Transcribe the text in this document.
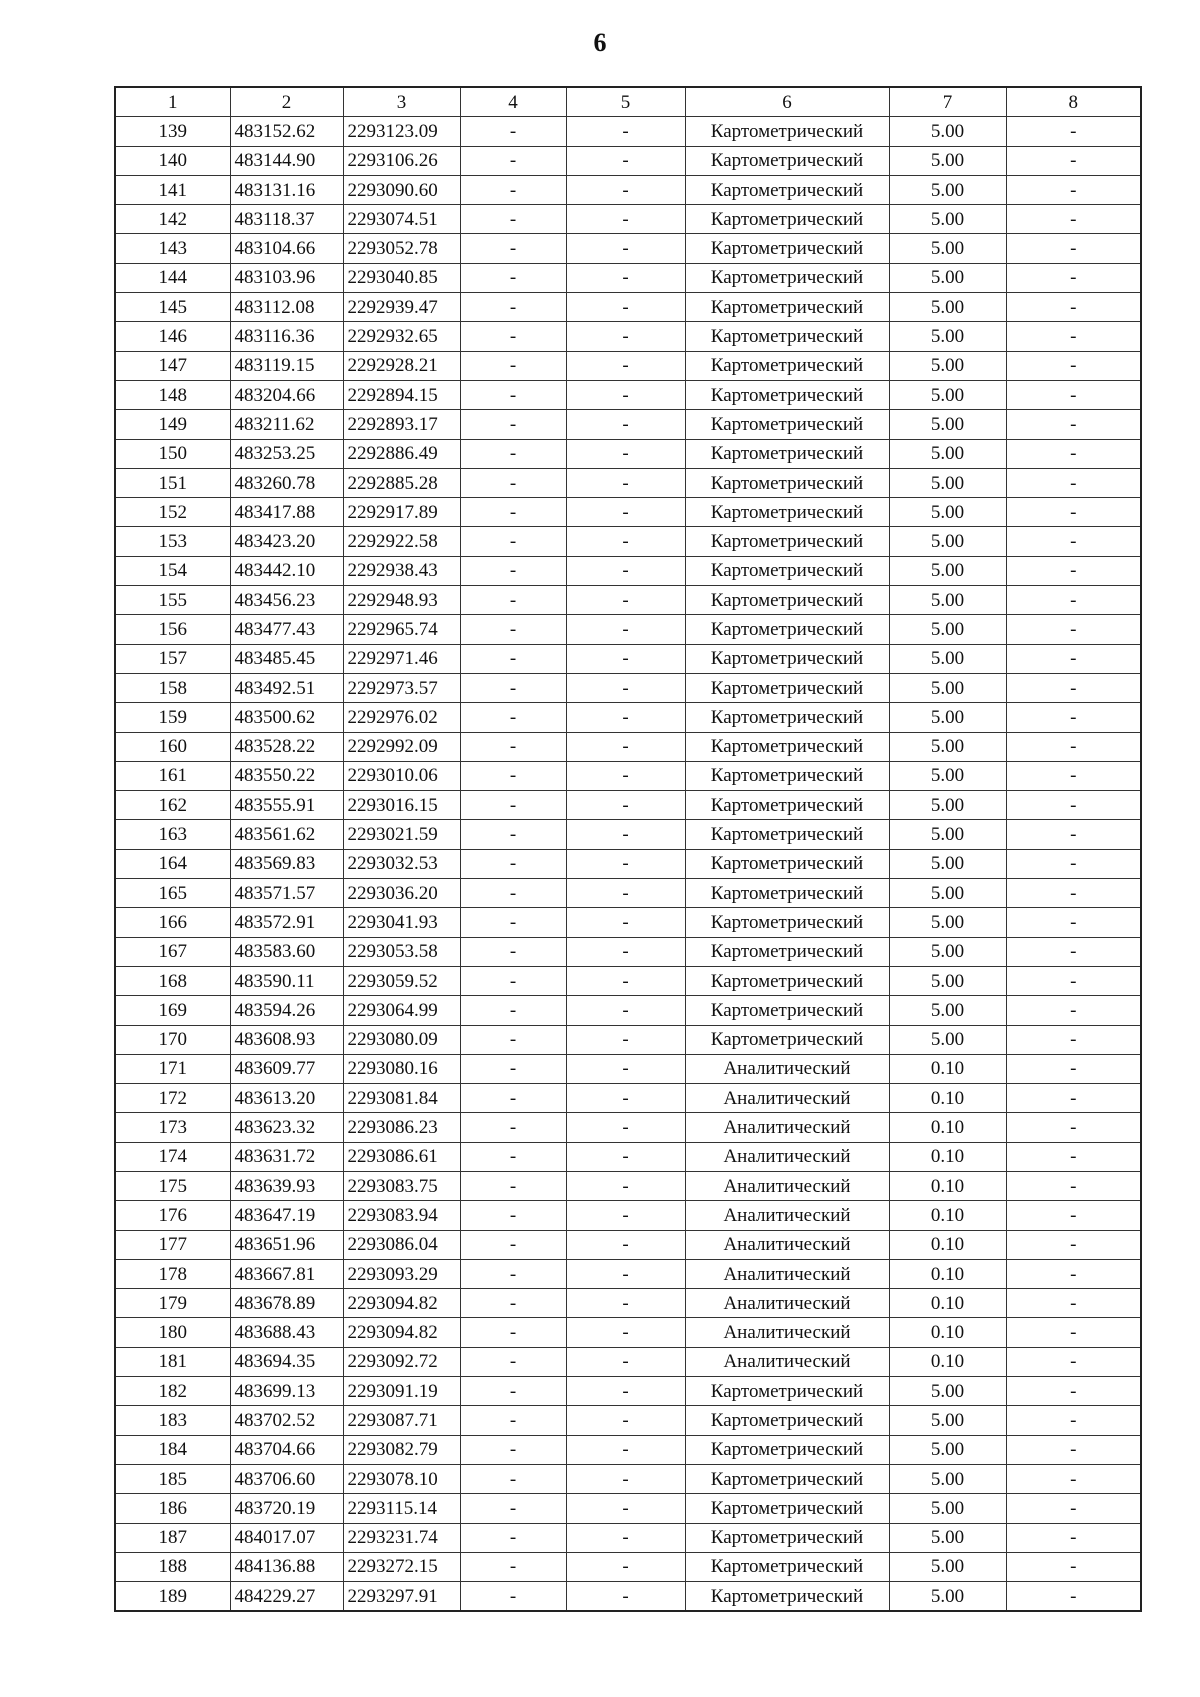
6
1	2	3	4	5	6	7	8
139	483152.62	2293123.09	-	-	Картометрический	5.00	-
140	483144.90	2293106.26	-	-	Картометрический	5.00	-
141	483131.16	2293090.60	-	-	Картометрический	5.00	-
142	483118.37	2293074.51	-	-	Картометрический	5.00	-
143	483104.66	2293052.78	-	-	Картометрический	5.00	-
144	483103.96	2293040.85	-	-	Картометрический	5.00	-
145	483112.08	2292939.47	-	-	Картометрический	5.00	-
146	483116.36	2292932.65	-	-	Картометрический	5.00	-
147	483119.15	2292928.21	-	-	Картометрический	5.00	-
148	483204.66	2292894.15	-	-	Картометрический	5.00	-
149	483211.62	2292893.17	-	-	Картометрический	5.00	-
150	483253.25	2292886.49	-	-	Картометрический	5.00	-
151	483260.78	2292885.28	-	-	Картометрический	5.00	-
152	483417.88	2292917.89	-	-	Картометрический	5.00	-
153	483423.20	2292922.58	-	-	Картометрический	5.00	-
154	483442.10	2292938.43	-	-	Картометрический	5.00	-
155	483456.23	2292948.93	-	-	Картометрический	5.00	-
156	483477.43	2292965.74	-	-	Картометрический	5.00	-
157	483485.45	2292971.46	-	-	Картометрический	5.00	-
158	483492.51	2292973.57	-	-	Картометрический	5.00	-
159	483500.62	2292976.02	-	-	Картометрический	5.00	-
160	483528.22	2292992.09	-	-	Картометрический	5.00	-
161	483550.22	2293010.06	-	-	Картометрический	5.00	-
162	483555.91	2293016.15	-	-	Картометрический	5.00	-
163	483561.62	2293021.59	-	-	Картометрический	5.00	-
164	483569.83	2293032.53	-	-	Картометрический	5.00	-
165	483571.57	2293036.20	-	-	Картометрический	5.00	-
166	483572.91	2293041.93	-	-	Картометрический	5.00	-
167	483583.60	2293053.58	-	-	Картометрический	5.00	-
168	483590.11	2293059.52	-	-	Картометрический	5.00	-
169	483594.26	2293064.99	-	-	Картометрический	5.00	-
170	483608.93	2293080.09	-	-	Картометрический	5.00	-
171	483609.77	2293080.16	-	-	Аналитический	0.10	-
172	483613.20	2293081.84	-	-	Аналитический	0.10	-
173	483623.32	2293086.23	-	-	Аналитический	0.10	-
174	483631.72	2293086.61	-	-	Аналитический	0.10	-
175	483639.93	2293083.75	-	-	Аналитический	0.10	-
176	483647.19	2293083.94	-	-	Аналитический	0.10	-
177	483651.96	2293086.04	-	-	Аналитический	0.10	-
178	483667.81	2293093.29	-	-	Аналитический	0.10	-
179	483678.89	2293094.82	-	-	Аналитический	0.10	-
180	483688.43	2293094.82	-	-	Аналитический	0.10	-
181	483694.35	2293092.72	-	-	Аналитический	0.10	-
182	483699.13	2293091.19	-	-	Картометрический	5.00	-
183	483702.52	2293087.71	-	-	Картометрический	5.00	-
184	483704.66	2293082.79	-	-	Картометрический	5.00	-
185	483706.60	2293078.10	-	-	Картометрический	5.00	-
186	483720.19	2293115.14	-	-	Картометрический	5.00	-
187	484017.07	2293231.74	-	-	Картометрический	5.00	-
188	484136.88	2293272.15	-	-	Картометрический	5.00	-
189	484229.27	2293297.91	-	-	Картометрический	5.00	-
